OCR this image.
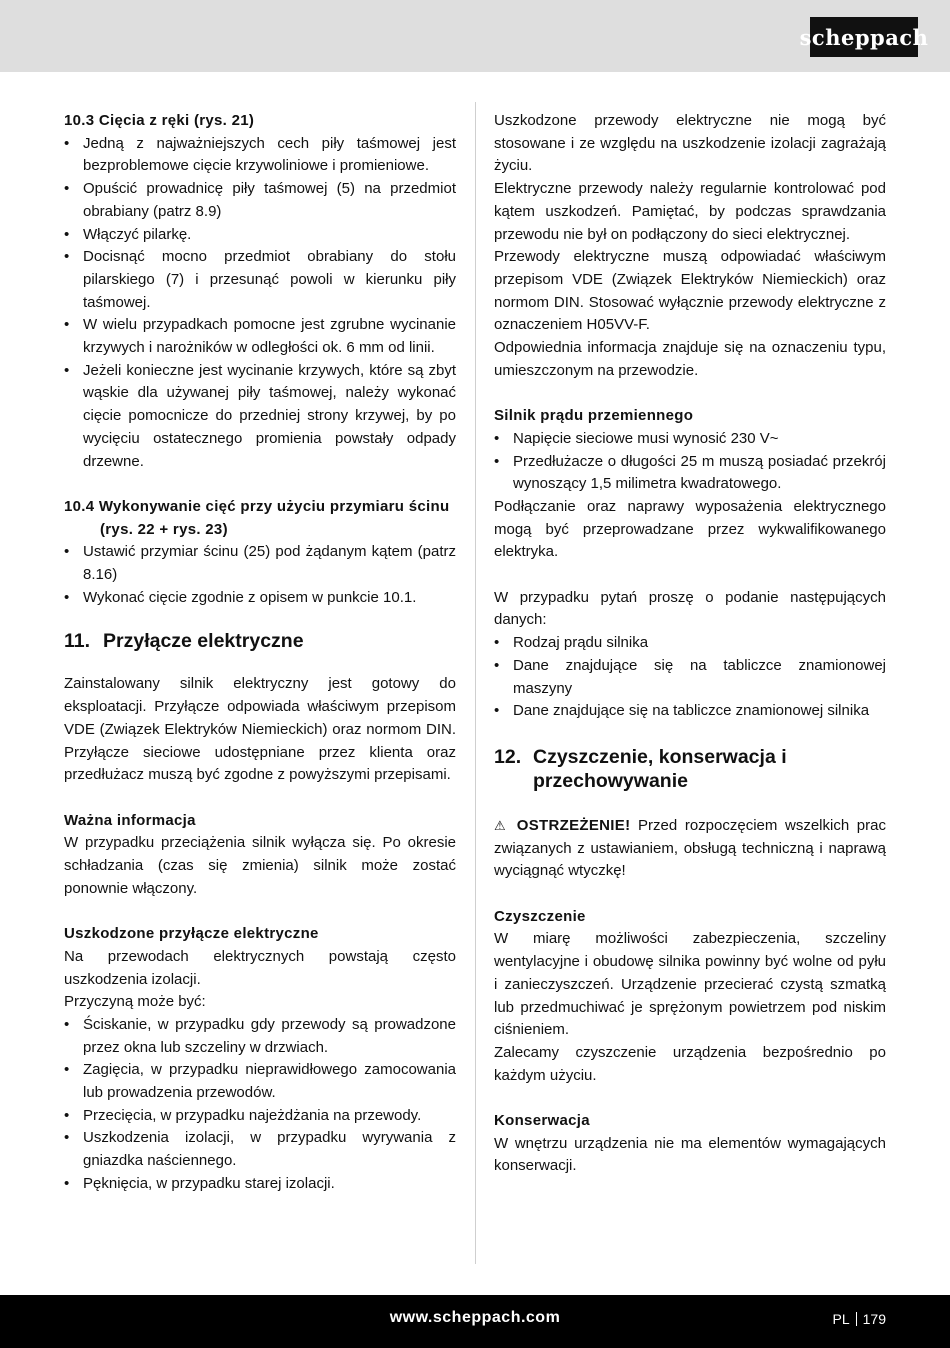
scheppach

10.3 Cięcia z ręki (rys. 21)

• Jedną z najważniejszych cech piły taśmowej jest bezproblemowe cięcie krzywoliniowe i promieniowe.
• Opuścić prowadnicę piły taśmowej (5) na przedmiot obrabiany (patrz 8.9)
• Włączyć pilarkę.
• Docisnąć mocno przedmiot obrabiany do stołu pilarskiego (7) i przesunąć powoli w kierunku piły taśmowej.
• W wielu przypadkach pomocne jest zgrubne wycinanie krzywych i narożników w odległości ok. 6 mm od linii.
• Jeżeli konieczne jest wycinanie krzywych, które są zbyt wąskie dla używanej piły taśmowej, należy wykonać cięcie pomocnicze do przedniej strony krzywej, by po wycięciu ostatecznego promienia powstały odpady drzewne.

10.4 Wykonywanie cięć przy użyciu przymiaru ścinu (rys. 22 + rys. 23)

• Ustawić przymiar ścinu (25) pod żądanym kątem (patrz 8.16)
• Wykonać cięcie zgodnie z opisem w punkcie 10.1.
11. Przyłącze elektryczne

Zainstalowany silnik elektryczny jest gotowy do eksploatacji. Przyłącze odpowiada właściwym przepisom VDE (Związek Elektryków Niemieckich) oraz normom DIN. Przyłącze sieciowe udostępniane przez klienta oraz przedłużacz muszą być zgodne z powyższymi przepisami.

Ważna informacja

W przypadku przeciążenia silnik wyłącza się. Po okresie schładzania (czas się zmienia) silnik może zostać ponownie włączony.

Uszkodzone przyłącze elektryczne

Na przewodach elektrycznych powstają często uszkodzenia izolacji.

Przyczyną może być:

• Ściskanie, w przypadku gdy przewody są prowadzone przez okna lub szczeliny w drzwiach.
• Zagięcia, w przypadku nieprawidłowego zamocowania lub prowadzenia przewodów.
• Przecięcia, w przypadku najeżdżania na przewody.
• Uszkodzenia izolacji, w przypadku wyrywania z gniazdka naściennego.
• Pęknięcia, w przypadku starej izolacji.

Uszkodzone przewody elektryczne nie mogą być stosowane i ze względu na uszkodzenie izolacji zagrażają życiu.

Elektryczne przewody należy regularnie kontrolować pod kątem uszkodzeń. Pamiętać, by podczas sprawdzania przewodu nie był on podłączony do sieci elektrycznej.

Przewody elektryczne muszą odpowiadać właściwym przepisom VDE (Związek Elektryków Niemieckich) oraz normom DIN. Stosować wyłącznie przewody elektryczne z oznaczeniem H05VV-F.

Odpowiednia informacja znajduje się na oznaczeniu typu, umieszczonym na przewodzie.

Silnik prądu przemiennego

• Napięcie sieciowe musi wynosić 230 V~
• Przedłużacze o długości 25 m muszą posiadać przekrój wynoszący 1,5 milimetra kwadratowego.

Podłączanie oraz naprawy wyposażenia elektrycznego mogą być przeprowadzane przez wykwalifikowanego elektryka.

W przypadku pytań proszę o podanie następujących danych:

• Rodzaj prądu silnika
• Dane znajdujące się na tabliczce znamionowej maszyny
• Dane znajdujące się na tabliczce znamionowej silnika
12. Czyszczenie, konserwacja i przechowywanie

⚠ OSTRZEŻENIE! Przed rozpoczęciem wszelkich prac związanych z ustawianiem, obsługą techniczną i naprawą wyciągnąć wtyczkę!

Czyszczenie

W miarę możliwości zabezpieczenia, szczeliny wentylacyjne i obudowę silnika powinny być wolne od pyłu i zanieczyszczeń. Urządzenie przecierać czystą szmatką lub przedmuchiwać je sprężonym powietrzem pod niskim ciśnieniem.

Zalecamy czyszczenie urządzenia bezpośrednio po każdym użyciu.

Konserwacja

W wnętrzu urządzenia nie ma elementów wymagających konserwacji.

www.scheppach.com	PL 179
